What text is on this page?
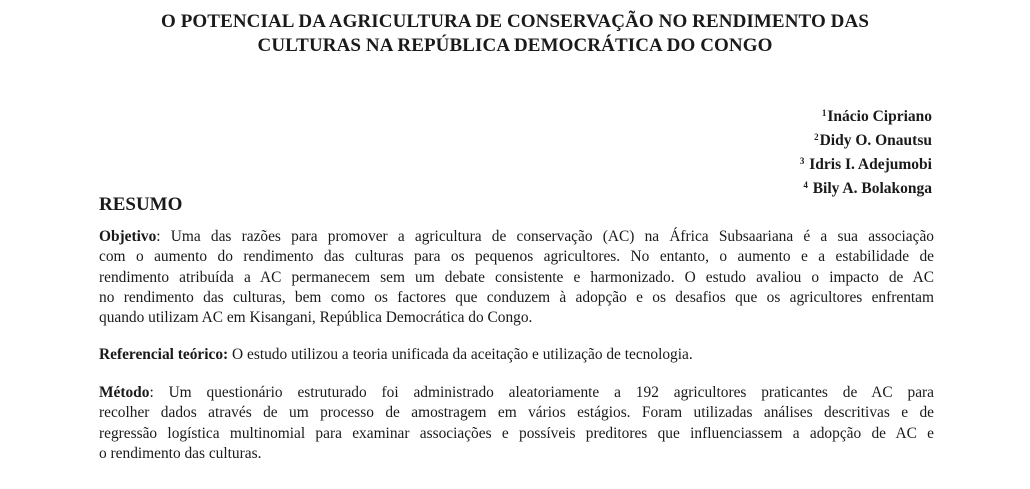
O POTENCIAL DA AGRICULTURA DE CONSERVAÇÃO NO RENDIMENTO DAS
CULTURAS NA REPÚBLICA DEMOCRÁTICA DO CONGO
$^1$Inácio Cipriano
$^2$Didy O. Onautsu
$^3$ Idris I. Adejumobi
$^4$ Bily A. Bolakonga
RESUMO
Objetivo: Uma das razões para promover a agricultura de conservação (AC) na África Subsaariana é a sua associação
com o aumento do rendimento das culturas para os pequenos agricultores. No entanto, o aumento e a estabilidade de
rendimento atribuída a AC permanecem sem um debate consistente e harmonizado. O estudo avaliou o impacto de AC
no rendimento das culturas, bem como os factores que conduzem à adopção e os desafios que os agricultores enfrentam
quando utilizam AC em Kisangani, República Democrática do Congo.
Referencial teórico: O estudo utilizou a teoria unificada da aceitação e utilização de tecnologia.
Método: Um questionário estruturado foi administrado aleatoriamente a 192 agricultores praticantes de AC para
recolher dados através de um processo de amostragem em vários estágios. Foram utilizadas análises descritivas e de
regressão logística multinomial para examinar associações e possíveis preditores que influenciassem a adopção de AC e
o rendimento das culturas.
